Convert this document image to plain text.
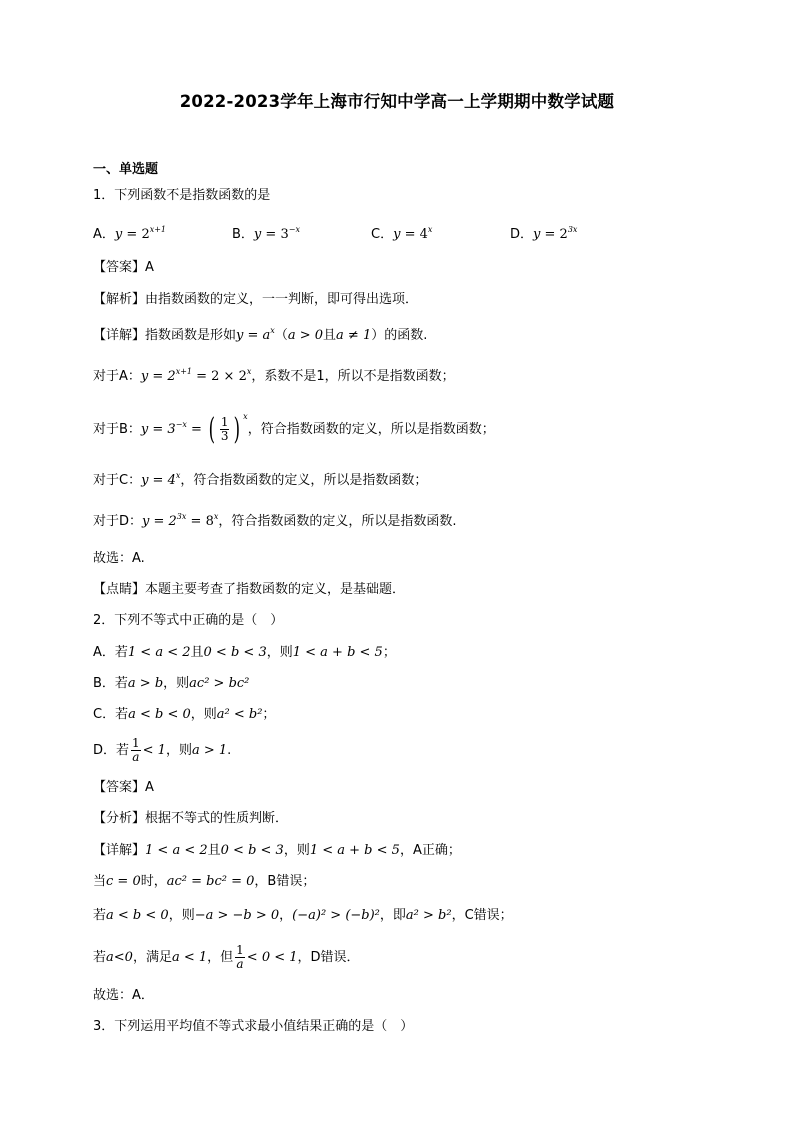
2022-2023学年上海市行知中学高一上学期期中数学试题
一、单选题
1．下列函数不是指数函数的是
A．$y = 2^{x+1}$	B．$y = 3^{-x}$	C．$y = 4^x$	D．$y = 2^{3x}$
【答案】A
【解析】由指数函数的定义，一一判断，即可得出选项．
【详解】指数函数是形如$y = a^x(a > 0$且a ≠ 1）的函数.
对于A：$y = 2^{x+1} = 2 \times 2^x$，系数不是1，所以不是指数函数；
对于B：$y = 3^{-x}$ = ( $\frac{1}{3}$ ) $^x$，符合指数函数的定义，所以是指数函数；
对于C：$y = 4^x$，符合指数函数的定义，所以是指数函数；
对于D：$y = 2^{3x} = 8^x$，符合指数函数的定义，所以是指数函数.
故选：A.
【点睛】本题主要考查了指数函数的定义，是基础题．
2．下列不等式中正确的是（　）
A．若1 < a < 2且0 < b < 3，则1 < a + b < 5；
B．若a > b，则ac² > bc²
C．若a < b < 0，则a² < b²；
D．若 $\frac{1}{a} < 1$，则a > 1.
【答案】A
【分析】根据不等式的性质判断．
【详解】1 < a < 2且0 < b < 3，则1 < a + b < 5，A正确；
当c = 0时，ac² = bc² = 0，B错误；
若a < b < 0，则−a > −b > 0，(−a)² > (−b)²，即a² > b²，C错误；
若a<0，满足a < 1，但 $\frac{1}{a} < 0 < 1$，D错误．
故选：A．
3．下列运用平均值不等式求最小值结果正确的是（　）
